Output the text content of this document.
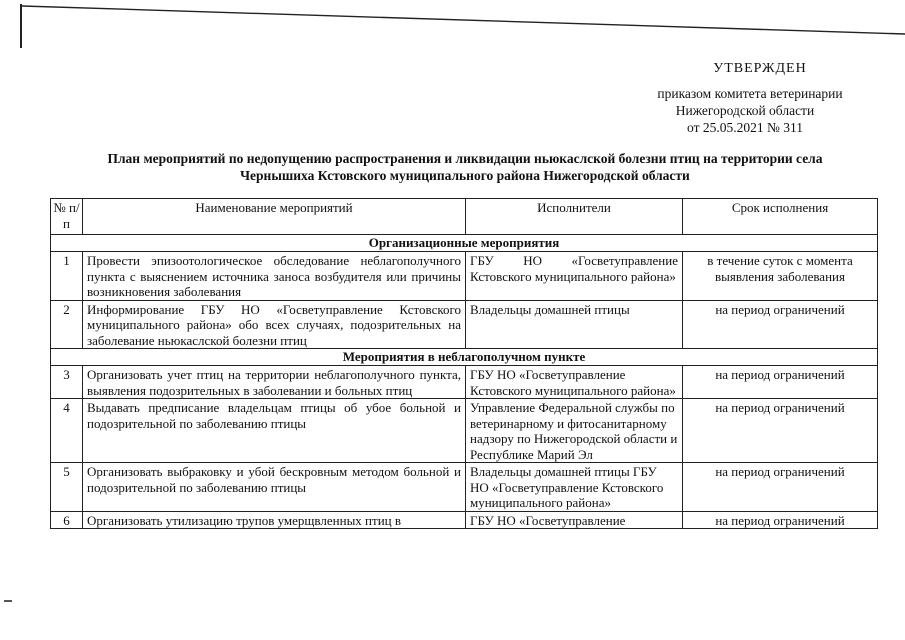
УТВЕРЖДЕН
приказом комитета ветеринарии
Нижегородской области
от 25.05.2021 № 311
План мероприятий по недопущению распространения и ликвидации ньюкаслской болезни птиц на территории села
Чернышиха Кстовского муниципального района Нижегородской области
№ п/п	Наименование мероприятий	Исполнители	Срок исполнения
Организационные мероприятия			
1	Провести эпизоотологическое обследование неблагополучного пункта с выяснением источника заноса возбудителя или причины возникновения заболевания	ГБУ НО «Госветуправление Кстовского муниципального района»	в течение суток с момента выявления заболевания
2	Информирование ГБУ НО «Госветуправление Кстовского муниципального района» обо всех случаях, подозрительных на заболевание ньюкаслской болезни птиц	Владельцы домашней птицы	на период ограничений
Мероприятия в неблагополучном пункте			
3	Организовать учет птиц на территории неблагополучного пункта, выявления подозрительных в заболевании и больных птиц	ГБУ НО «Госветуправление Кстовского муниципального района»	на период ограничений
4	Выдавать предписание владельцам птицы об убое больной и подозрительной по заболеванию птицы	Управление Федеральной службы по ветеринарному и фитосанитарному надзору по Нижегородской области и Республике Марий Эл	на период ограничений
5	Организовать выбраковку и убой бескровным методом больной и подозрительной по заболеванию птицы	Владельцы домашней птицы ГБУ НО «Госветуправление Кстовского муниципального района»	на период ограничений
6	Организовать утилизацию трупов умерщвленных птиц в	ГБУ НО «Госветуправление	на период ограничений
